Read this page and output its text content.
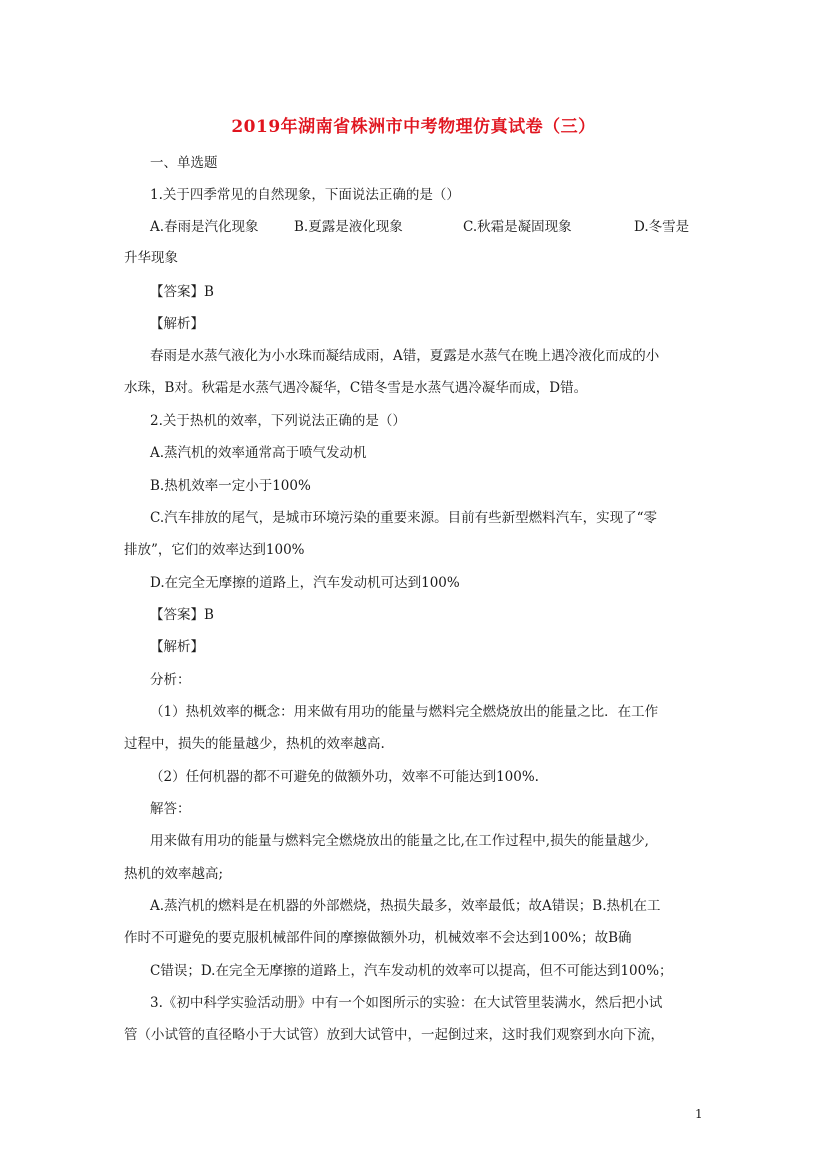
2019年湖南省株洲市中考物理仿真试卷（三）
一、单选题
1.关于四季常见的自然现象，下面说法正确的是（）
A.春雨是汽化现象	B.夏露是液化现象	C.秋霜是凝固现象	D.冬雪是
升华现象
【答案】B
【解析】
春雨是水蒸气液化为小水珠而凝结成雨，A错，夏露是水蒸气在晚上遇冷液化而成的小
水珠，B对。秋霜是水蒸气遇冷凝华，C错冬雪是水蒸气遇冷凝华而成，D错。
2.关于热机的效率，下列说法正确的是（）
A.蒸汽机的效率通常高于喷气发动机
B.热机效率一定小于100%
C.汽车排放的尾气，是城市环境污染的重要来源。目前有些新型燃料汽车，实现了“零
排放”，它们的效率达到100%
D.在完全无摩擦的道路上，汽车发动机可达到100%
【答案】B
【解析】
分析：
（1）热机效率的概念：用来做有用功的能量与燃料完全燃烧放出的能量之比．在工作
过程中，损失的能量越少，热机的效率越高.
（2）任何机器的都不可避免的做额外功，效率不可能达到100%.
解答：
用来做有用功的能量与燃料完全燃烧放出的能量之比,在工作过程中,损失的能量越少,
热机的效率越高;
A.蒸汽机的燃料是在机器的外部燃烧，热损失最多，效率最低；故A错误；B.热机在工
作时不可避免的要克服机械部件间的摩擦做额外功，机械效率不会达到100%；故B确
C错误；D.在完全无摩擦的道路上，汽车发动机的效率可以提高，但不可能达到100%；
3.《初中科学实验活动册》中有一个如图所示的实验：在大试管里装满水，然后把小试
管（小试管的直径略小于大试管）放到大试管中，一起倒过来，这时我们观察到水向下流，
1
